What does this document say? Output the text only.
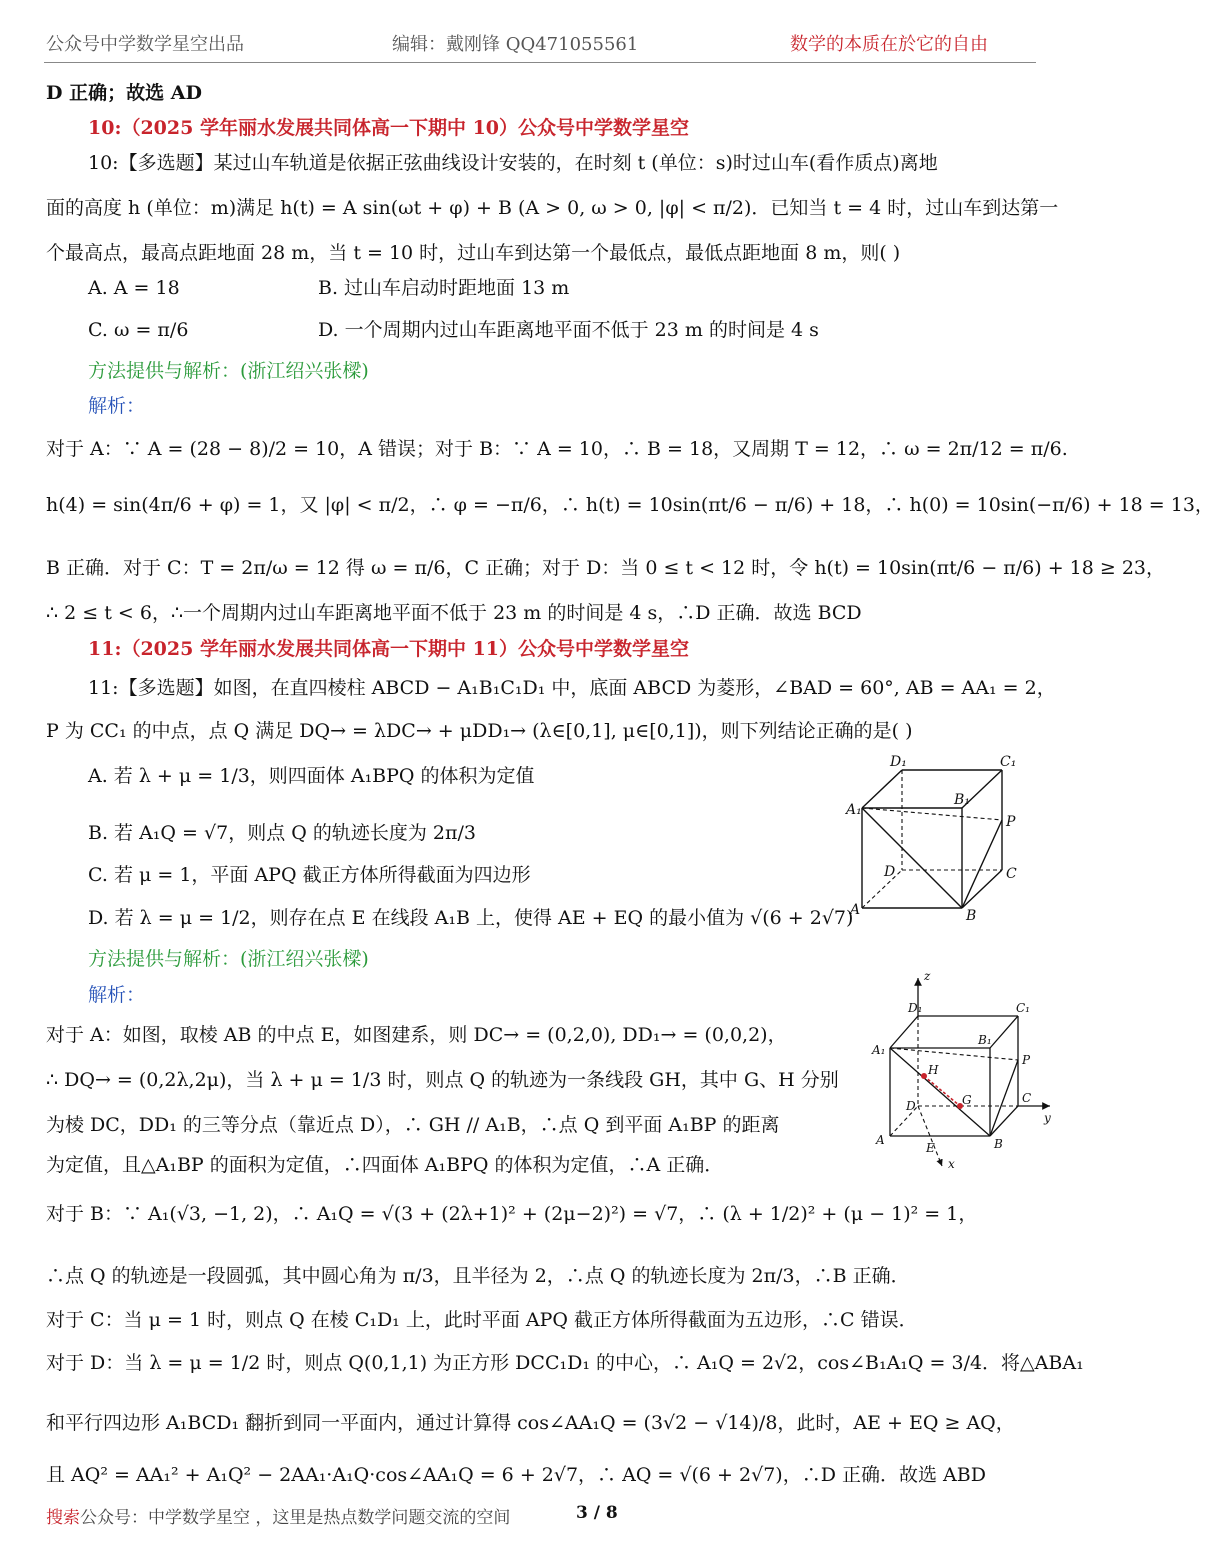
公众号中学数学星空出品	编辑：戴刚锋 QQ471055561	数学的本质在於它的自由
D 正确；故选 AD
10:（2025 学年丽水发展共同体高一下期中 10）公众号中学数学星空
10:【多选题】某过山车轨道是依据正弦曲线设计安装的，在时刻 t (单位：s)时过山车(看作质点)离地
面的高度 h (单位：m)满足 h(t) = A sin(ωt + φ) + B (A > 0, ω > 0, |φ| < π/2)．已知当 t = 4 时，过山车到达第一
个最高点，最高点距地面 28 m，当 t = 10 时，过山车到达第一个最低点，最低点距地面 8 m，则( )
A. A = 18	B. 过山车启动时距地面 13 m
C. ω = π/6	D. 一个周期内过山车距离地平面不低于 23 m 的时间是 4 s
方法提供与解析：(浙江绍兴张樑)
解析：
对于 A：∵ A = (28 − 8)/2 = 10，A 错误；对于 B：∵ A = 10，∴ B = 18，又周期 T = 12，∴ ω = 2π/12 = π/6.
h(4) = sin(4π/6 + φ) = 1，又 |φ| < π/2，∴ φ = −π/6，∴ h(t) = 10sin(πt/6 − π/6) + 18，∴ h(0) = 10sin(−π/6) + 18 = 13，
B 正确．对于 C：T = 2π/ω = 12 得 ω = π/6，C 正确；对于 D：当 0 ≤ t < 12 时，令 h(t) = 10sin(πt/6 − π/6) + 18 ≥ 23，
∴ 2 ≤ t < 6，∴一个周期内过山车距离地平面不低于 23 m 的时间是 4 s，∴D 正确．故选 BCD
11:（2025 学年丽水发展共同体高一下期中 11）公众号中学数学星空
11:【多选题】如图，在直四棱柱 ABCD − A₁B₁C₁D₁ 中，底面 ABCD 为菱形，∠BAD = 60°, AB = AA₁ = 2，
P 为 CC₁ 的中点，点 Q 满足 DQ→ = λDC→ + μDD₁→ (λ∈[0,1], μ∈[0,1])，则下列结论正确的是( )
A. 若 λ + μ = 1/3，则四面体 A₁BPQ 的体积为定值
B. 若 A₁Q = √7，则点 Q 的轨迹长度为 2π/3
C. 若 μ = 1，平面 APQ 截正方体所得截面为四边形
D. 若 λ = μ = 1/2，则存在点 E 在线段 A₁B 上，使得 AE + EQ 的最小值为 √(6 + 2√7)
方法提供与解析：(浙江绍兴张樑)
解析：
对于 A：如图，取棱 AB 的中点 E，如图建系，则 DC→ = (0,2,0), DD₁→ = (0,0,2)，
∴ DQ→ = (0,2λ,2μ)，当 λ + μ = 1/3 时，则点 Q 的轨迹为一条线段 GH，其中 G、H 分别
为棱 DC，DD₁ 的三等分点（靠近点 D），∴ GH // A₁B，∴点 Q 到平面 A₁BP 的距离
为定值，且△A₁BP 的面积为定值，∴四面体 A₁BPQ 的体积为定值，∴A 正确．
对于 B：∵ A₁(√3, −1, 2)，∴ A₁Q = √(3 + (2λ+1)² + (2μ−2)²) = √7，∴ (λ + 1/2)² + (μ − 1)² = 1，
∴点 Q 的轨迹是一段圆弧，其中圆心角为 π/3，且半径为 2，∴点 Q 的轨迹长度为 2π/3，∴B 正确．
对于 C：当 μ = 1 时，则点 Q 在棱 C₁D₁ 上，此时平面 APQ 截正方体所得截面为五边形，∴C 错误．
对于 D：当 λ = μ = 1/2 时，则点 Q(0,1,1) 为正方形 DCC₁D₁ 的中心，∴ A₁Q = 2√2，cos∠B₁A₁Q = 3/4．将△ABA₁
和平行四边形 A₁BCD₁ 翻折到同一平面内，通过计算得 cos∠AA₁Q = (3√2 − √14)/8，此时，AE + EQ ≥ AQ，
且 AQ² = AA₁² + A₁Q² − 2AA₁·A₁Q·cos∠AA₁Q = 6 + 2√7，∴ AQ = √(6 + 2√7)，∴D 正确．故选 ABD
D₁	C₁
A₁
B₁
P
D	C
A	B
z
D₁	C₁
A₁
B₁
P
H
D	G	C
y
A
E	B
x
搜索公众号：中学数学星空 ，这里是热点数学问题交流的空间	3 / 8
